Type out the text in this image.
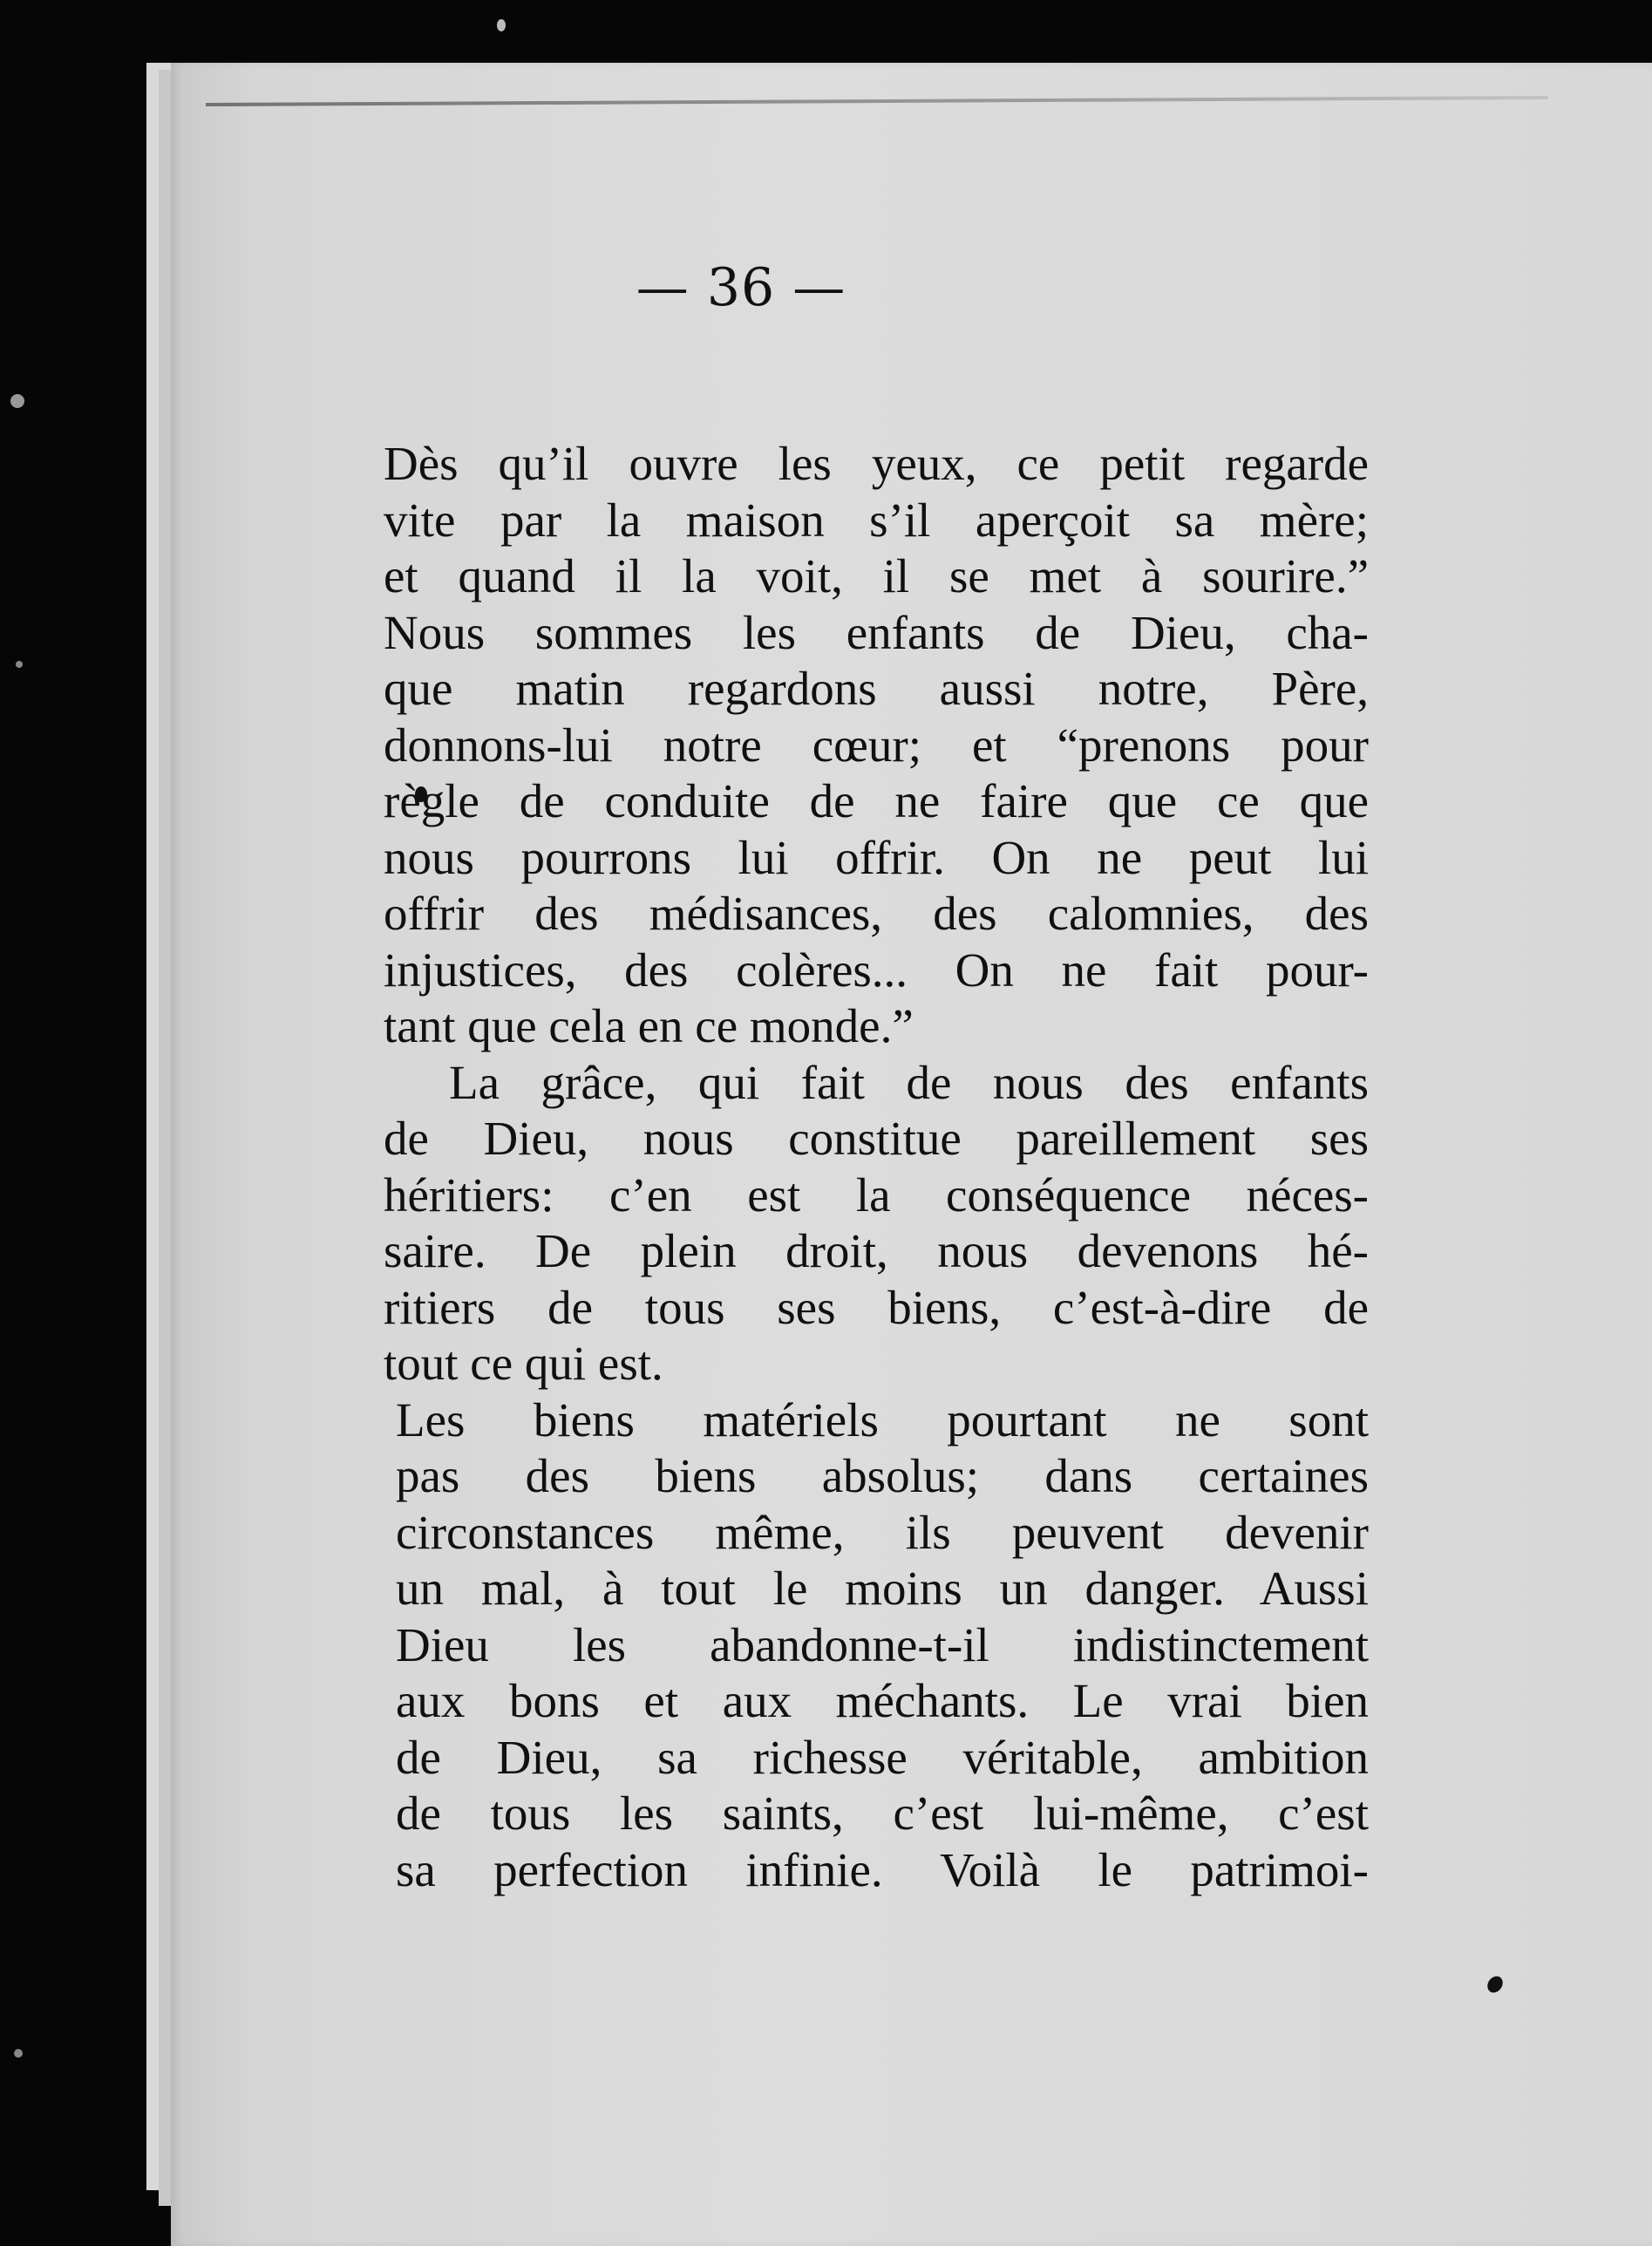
— 36 —
Dès qu’il ouvre les yeux, ce petit regarde
vite par la maison s’il aperçoit sa mère;
et quand il la voit, il se met à sourire.”
Nous sommes les enfants de Dieu, cha-
que matin regardons aussi notre, Père,
donnons-lui notre cœur; et “prenons pour
règle de conduite de ne faire que ce que
nous pourrons lui offrir. On ne peut lui
offrir des médisances, des calomnies, des
injustices, des colères... On ne fait pour-
tant que cela en ce monde.”
La grâce, qui fait de nous des enfants
de Dieu, nous constitue pareillement ses
héritiers: c’en est la conséquence néces-
saire. De plein droit, nous devenons hé-
ritiers de tous ses biens, c’est-à-dire de
tout ce qui est.
Les biens matériels pourtant ne sont
pas des biens absolus; dans certaines
circonstances même, ils peuvent devenir
un mal, à tout le moins un danger. Aussi
Dieu les abandonne-t-il indistinctement
aux bons et aux méchants. Le vrai bien
de Dieu, sa richesse véritable, ambition
de tous les saints, c’est lui-même, c’est
sa perfection infinie. Voilà le patrimoi-
